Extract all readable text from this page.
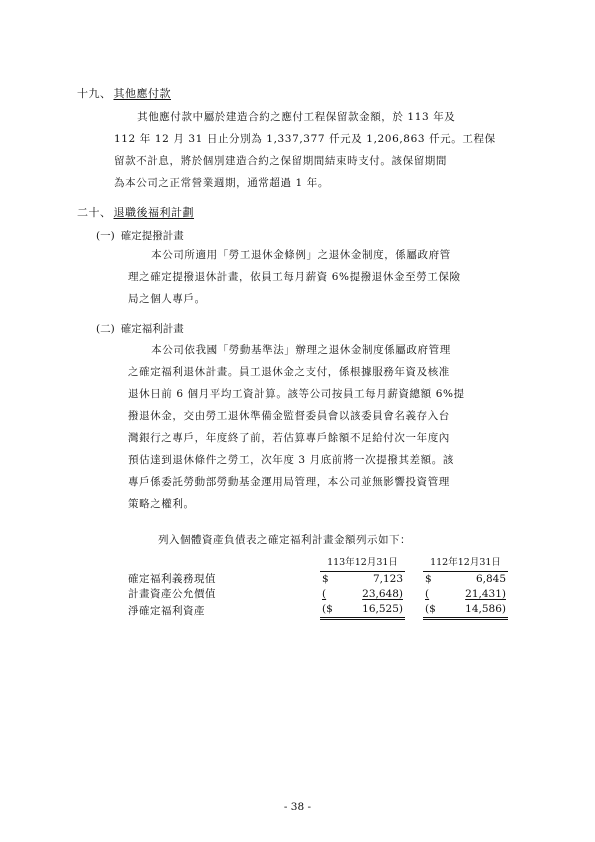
十九、 其他應付款
其他應付款中屬於建造合約之應付工程保留款金額，於 113 年及
112 年 12 月 31 日止分別為 1,337,377 仟元及 1,206,863 仟元。工程保
留款不計息，將於個別建造合約之保留期間結束時支付。該保留期間
為本公司之正常營業週期，通常超過 1 年。
二十、 退職後福利計劃
(一) 確定提撥計畫
本公司所適用「勞工退休金條例」之退休金制度，係屬政府管
理之確定提撥退休計畫，依員工每月薪資 6%提撥退休金至勞工保險
局之個人專戶。
(二) 確定福利計畫
本公司依我國「勞動基準法」辦理之退休金制度係屬政府管理
之確定福利退休計畫。員工退休金之支付，係根據服務年資及核准
退休日前 6 個月平均工資計算。該等公司按員工每月薪資總額 6%提
撥退休金，交由勞工退休準備金監督委員會以該委員會名義存入台
灣銀行之專戶，年度終了前，若估算專戶餘額不足給付次一年度內
預估達到退休條件之勞工，次年度 3 月底前將一次提撥其差額。該
專戶係委託勞動部勞動基金運用局管理，本公司並無影響投資管理
策略之權利。
列入個體資產負債表之確定福利計畫金額列示如下：
	113年12月31日		112年12月31日
確定福利義務現值	$ 7,123		$ 6,845

計畫資產公允價值	( 23,648)		( 21,431)

淨確定福利資產	($ 16,525)		($ 14,586)
- 38 -
